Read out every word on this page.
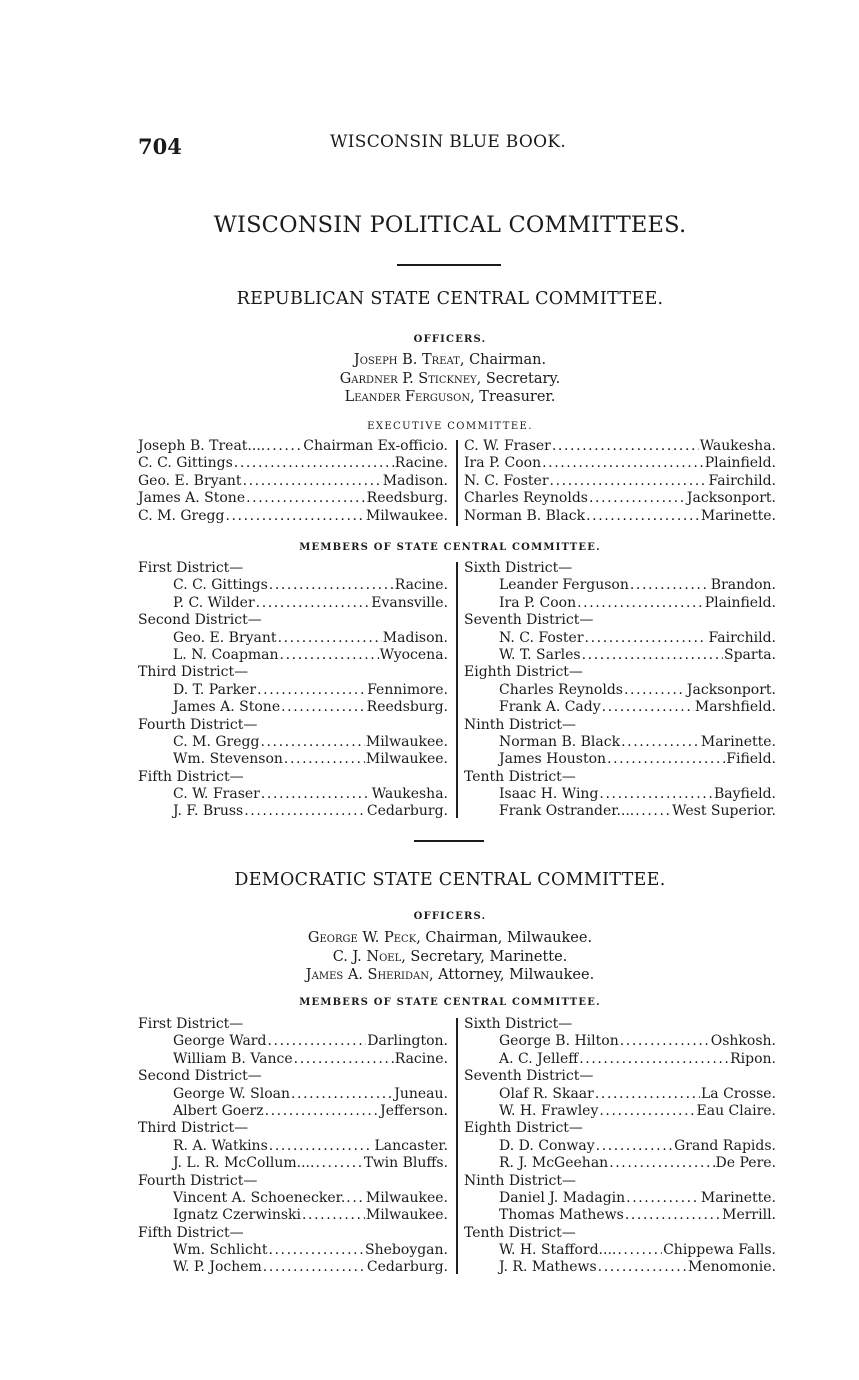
704	WISCONSIN BLUE BOOK.
WISCONSIN POLITICAL COMMITTEES.
REPUBLICAN STATE CENTRAL COMMITTEE.
OFFICERS.
Joseph B. Treat, Chairman.
Gardner P. Stickney, Secretary.
Leander Ferguson, Treasurer.
EXECUTIVE COMMITTEE.
Joseph B. Treat.... .....	Chairman Ex-officio.
C. C. Gittings .....	Racine.
Geo. E. Bryant .....	Madison.
James A. Stone .....	Reedsburg.
C. M. Gregg .....	Milwaukee.
C. W. Fraser .....	Waukesha.
Ira P. Coon .....	Plainfield.
N. C. Foster .....	Fairchild.
Charles Reynolds .....	Jacksonport.
Norman B. Black .....	Marinette.
MEMBERS OF STATE CENTRAL COMMITTEE.
First District—
C. C. Gittings .....	Racine.
P. C. Wilder .....	Evansville.
Second District—
Geo. E. Bryant .....	Madison.
L. N. Coapman .....	Wyocena.
Third District—
D. T. Parker .....	Fennimore.
James A. Stone .....	Reedsburg.
Fourth District—
C. M. Gregg .....	Milwaukee.
Wm. Stevenson .....	Milwaukee.
Fifth District—
C. W. Fraser .....	Waukesha.
J. F. Bruss .....	Cedarburg.
Sixth District—
Leander Ferguson .....	Brandon.
Ira P. Coon .....	Plainfield.
Seventh District—
N. C. Foster .....	Fairchild.
W. T. Sarles .....	Sparta.
Eighth District—
Charles Reynolds .....	Jacksonport.
Frank A. Cady .....	Marshfield.
Ninth District—
Norman B. Black .....	Marinette.
James Houston .....	Fifield.
Tenth District—
Isaac H. Wing .....	Bayfield.
Frank Ostrander.... .....	West Superior.
DEMOCRATIC STATE CENTRAL COMMITTEE.
OFFICERS.
George W. Peck, Chairman, Milwaukee.
C. J. Noel, Secretary, Marinette.
James A. Sheridan, Attorney, Milwaukee.
MEMBERS OF STATE CENTRAL COMMITTEE.
First District—
George Ward .....	Darlington.
William B. Vance .....	Racine.
Second District—
George W. Sloan .....	Juneau.
Albert Goerz .....	Jefferson.
Third District—
R. A. Watkins .....	Lancaster.
J. L. R. McCollum.... .....	Twin Bluffs.
Fourth District—
Vincent A. Schoenecker. ..... Milwaukee.
Ignatz Czerwinski .....	Milwaukee.
Fifth District—
Wm. Schlicht .....	Sheboygan.
W. P. Jochem .....	Cedarburg.
Sixth District—
George B. Hilton .....	Oshkosh.
A. C. Jelleff .....	Ripon.
Seventh District—
Olaf R. Skaar .....	La Crosse.
W. H. Frawley .....	Eau Claire.
Eighth District—
D. D. Conway .....	Grand Rapids.
R. J. McGeehan .....	De Pere.
Ninth District—
Daniel J. Madagin .....	Marinette.
Thomas Mathews .....	Merrill.
Tenth District—
W. H. Stafford.... .....	Chippewa Falls.
J. R. Mathews .....	Menomonie.
